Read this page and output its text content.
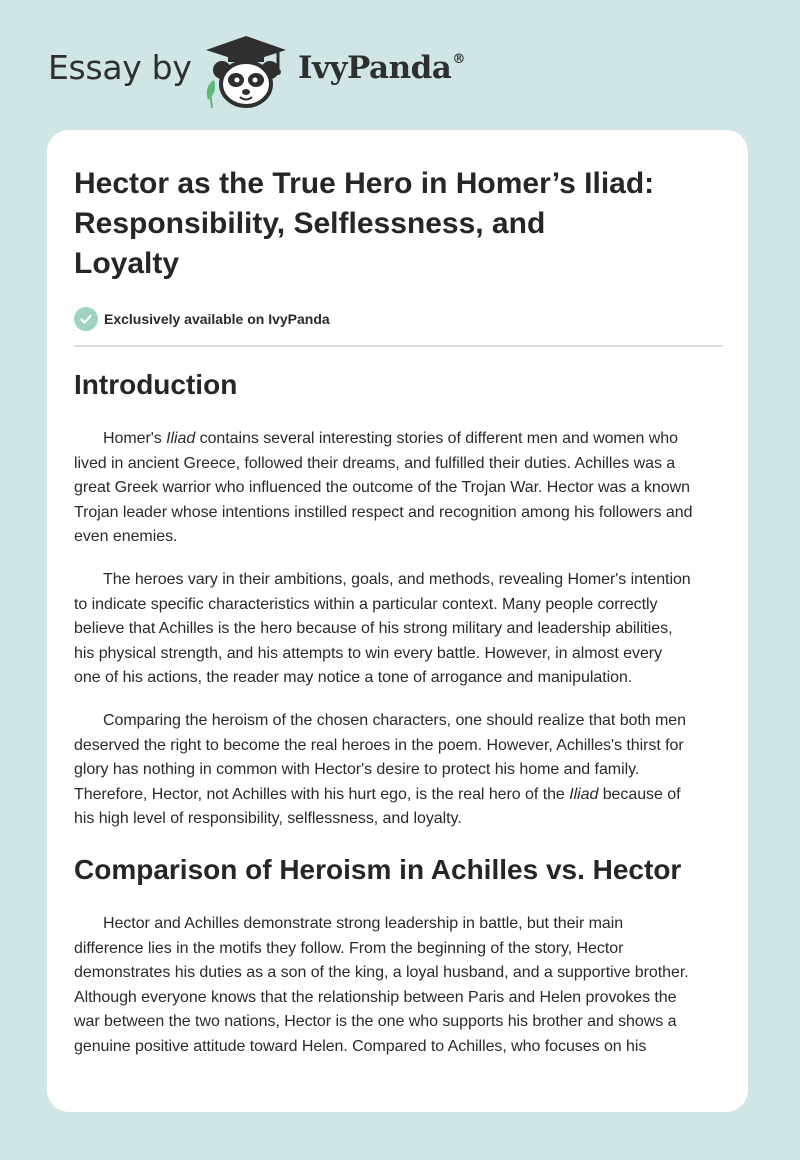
Essay by	IvyPanda®
Hector as the True Hero in Homer’s Iliad:
Responsibility, Selflessness, and
Loyalty
Exclusively available on IvyPanda
Introduction

Homer's Iliad contains several interesting stories of different men and women who
lived in ancient Greece, followed their dreams, and fulfilled their duties. Achilles was a
great Greek warrior who influenced the outcome of the Trojan War. Hector was a known
Trojan leader whose intentions instilled respect and recognition among his followers and
even enemies.

The heroes vary in their ambitions, goals, and methods, revealing Homer's intention
to indicate specific characteristics within a particular context. Many people correctly
believe that Achilles is the hero because of his strong military and leadership abilities,
his physical strength, and his attempts to win every battle. However, in almost every
one of his actions, the reader may notice a tone of arrogance and manipulation.

Comparing the heroism of the chosen characters, one should realize that both men
deserved the right to become the real heroes in the poem. However, Achilles's thirst for
glory has nothing in common with Hector's desire to protect his home and family.
Therefore, Hector, not Achilles with his hurt ego, is the real hero of the Iliad because of
his high level of responsibility, selflessness, and loyalty.

Comparison of Heroism in Achilles vs. Hector

Hector and Achilles demonstrate strong leadership in battle, but their main
difference lies in the motifs they follow. From the beginning of the story, Hector
demonstrates his duties as a son of the king, a loyal husband, and a supportive brother.
Although everyone knows that the relationship between Paris and Helen provokes the
war between the two nations, Hector is the one who supports his brother and shows a
genuine positive attitude toward Helen. Compared to Achilles, who focuses on his
